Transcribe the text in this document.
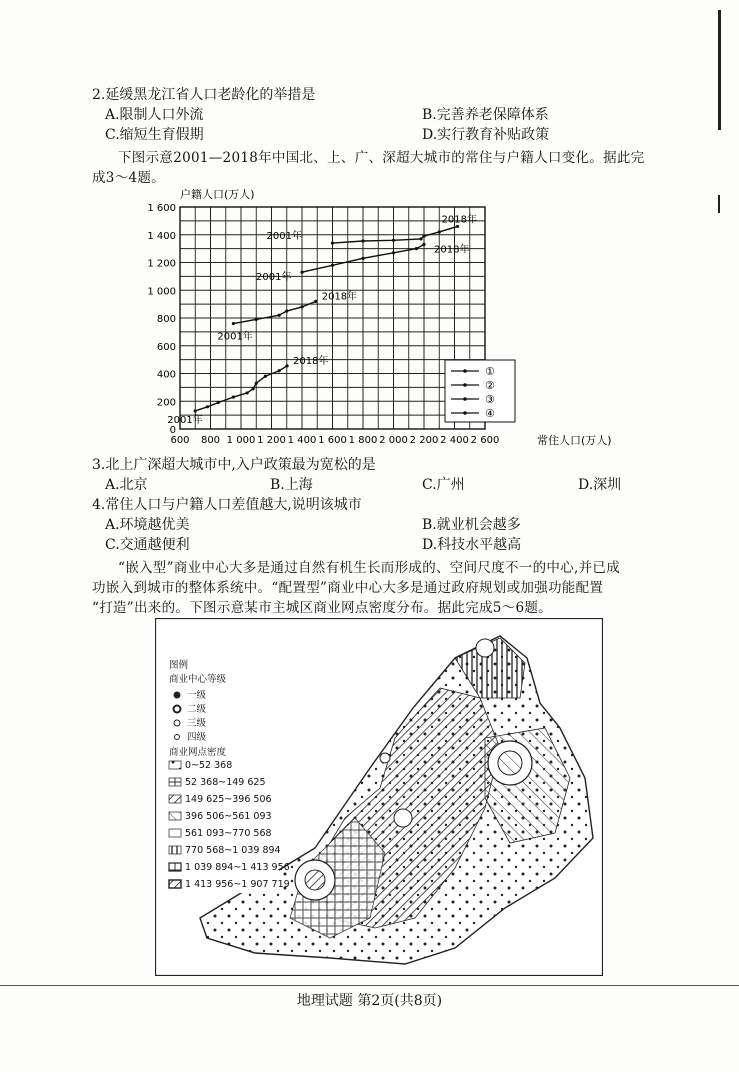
2.延缓黑龙江省人口老龄化的举措是
A.限制人口外流	B.完善养老保障体系
C.缩短生育假期	D.实行教育补贴政策
下图示意2001—2018年中国北、上、广、深超大城市的常住与户籍人口变化。据此完
成3～4题。
600 800 1 000 1 200 1 400 1 600 1 800 2 000 2 200 2 400 2 600
0
200
400
600
800
1 000
1 200
1 400
1 600
2001年
2018年
2001年
2018年
2001年
2018年
2001年
2018年
①
②
③
④
户籍人口(万人)
常住人口(万人)
3.北上广深超大城市中,入户政策最为宽松的是
A.北京	B.上海	C.广州	D.深圳
4.常住人口与户籍人口差值越大,说明该城市
A.环境越优美	B.就业机会越多
C.交通越便利	D.科技水平越高
“嵌入型”商业中心大多是通过自然有机生长而形成的、空间尺度不一的中心,并已成
功嵌入到城市的整体系统中。“配置型”商业中心大多是通过政府规划或加强功能配置
“打造”出来的。下图示意某市主城区商业网点密度分布。据此完成5～6题。
图例
商业中心等级
一级
二级
三级
四级
商业网点密度
0~52 368
52 368~149 625
149 625~396 506
396 506~561 093
561 093~770 568
770 568~1 039 894
1 039 894~1 413 956
1 413 956~1 907 719
地理试题 第2页(共8页)
